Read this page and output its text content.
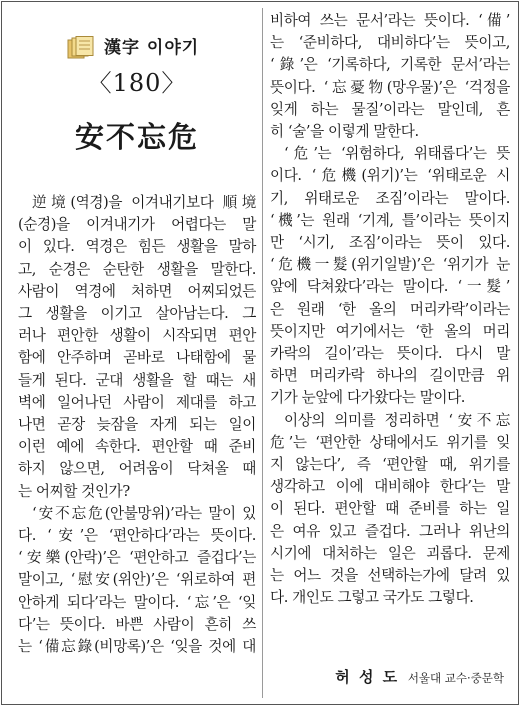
漢字 이야기
〈180〉
安不忘危

逆境(역경)을 이겨내기보다 順境

(순경)을 이겨내기가 어렵다는 말

이 있다. 역경은 힘든 생활을 말하

고, 순경은 순탄한 생활을 말한다.

사람이 역경에 처하면 어찌되었든

그 생활을 이기고 살아남는다. 그

러나 편안한 생활이 시작되면 편안

함에 안주하며 곧바로 나태함에 물

들게 된다. 군대 생활을 할 때는 새

벽에 일어나던 사람이 제대를 하고

나면 곧장 늦잠을 자게 되는 일이

이런 예에 속한다. 편안할 때 준비

하지 않으면, 어려움이 닥쳐올 때

는 어찌할 것인가?

‘安不忘危(안불망위)’라는 말이 있

다. ‘安’은 ‘편안하다’라는 뜻이다.

‘安樂(안락)’은 ‘편안하고 즐겁다’는

말이고, ‘慰安(위안)’은 ‘위로하여 편

안하게 되다’라는 말이다. ‘忘’은 ‘잊

다’는 뜻이다. 바쁜 사람이 흔히 쓰

는 ‘備忘錄(비망록)’은 ‘잊을 것에 대

비하여 쓰는 문서’라는 뜻이다. ‘備’

는 ‘준비하다, 대비하다’는 뜻이고,

‘錄’은 ‘기록하다, 기록한 문서’라는

뜻이다. ‘忘憂物(망우물)’은 ‘걱정을

잊게 하는 물질’이라는 말인데, 흔

히 ‘술’을 이렇게 말한다.

‘危’는 ‘위험하다, 위태롭다’는 뜻

이다. ‘危機(위기)’는 ‘위태로운 시

기, 위태로운 조짐’이라는 말이다.

‘機’는 원래 ‘기계, 틀’이라는 뜻이지

만 ‘시기, 조짐’이라는 뜻이 있다.

‘危機一髮(위기일발)’은 ‘위기가 눈

앞에 닥쳐왔다’라는 말이다. ‘一髮’

은 원래 ‘한 올의 머리카락’이라는

뜻이지만 여기에서는 ‘한 올의 머리

카락의 길이’라는 뜻이다. 다시 말

하면 머리카락 하나의 길이만큼 위

기가 눈앞에 다가왔다는 말이다.

이상의 의미를 정리하면 ‘安不忘

危’는 ‘편안한 상태에서도 위기를 잊

지 않는다’, 즉 ‘편안할 때, 위기를

생각하고 이에 대비해야 한다’는 말

이 된다. 편안할 때 준비를 하는 일

은 여유 있고 즐겁다. 그러나 위난의

시기에 대처하는 일은 괴롭다. 문제

는 어느 것을 선택하는가에 달려 있

다. 개인도 그렇고 국가도 그렇다.

허 성 도 서울대 교수·중문학
